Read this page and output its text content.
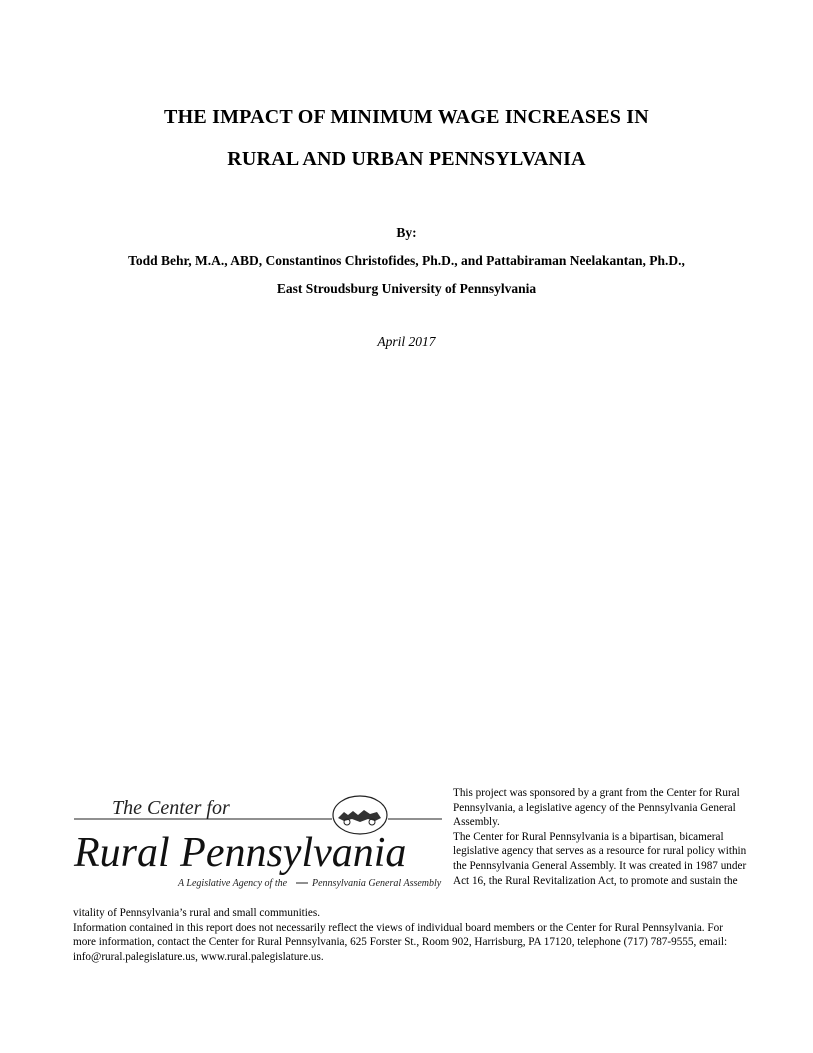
THE IMPACT OF MINIMUM WAGE INCREASES IN
RURAL AND URBAN PENNSYLVANIA
By:
Todd Behr, M.A., ABD, Constantinos Christofides, Ph.D., and Pattabiraman Neelakantan, Ph.D.,
East Stroudsburg University of Pennsylvania
April 2017
The Center for
Rural Pennsylvania
A Legislative Agency of the Pennsylvania General Assembly

This project was sponsored by a grant from the Center for Rural Pennsylvania, a legislative agency of the Pennsylvania General Assembly.

The Center for Rural Pennsylvania is a bipartisan, bicameral legislative agency that serves as a resource for rural policy within the Pennsylvania General Assembly. It was created in 1987 under Act 16, the Rural Revitalization Act, to promote and sustain the

vitality of Pennsylvania’s rural and small communities.

Information contained in this report does not necessarily reflect the views of individual board members or the Center for Rural Pennsylvania. For more information, contact the Center for Rural Pennsylvania, 625 Forster St., Room 902, Harrisburg, PA 17120, telephone (717) 787-9555, email: info@rural.palegislature.us, www.rural.palegislature.us.
